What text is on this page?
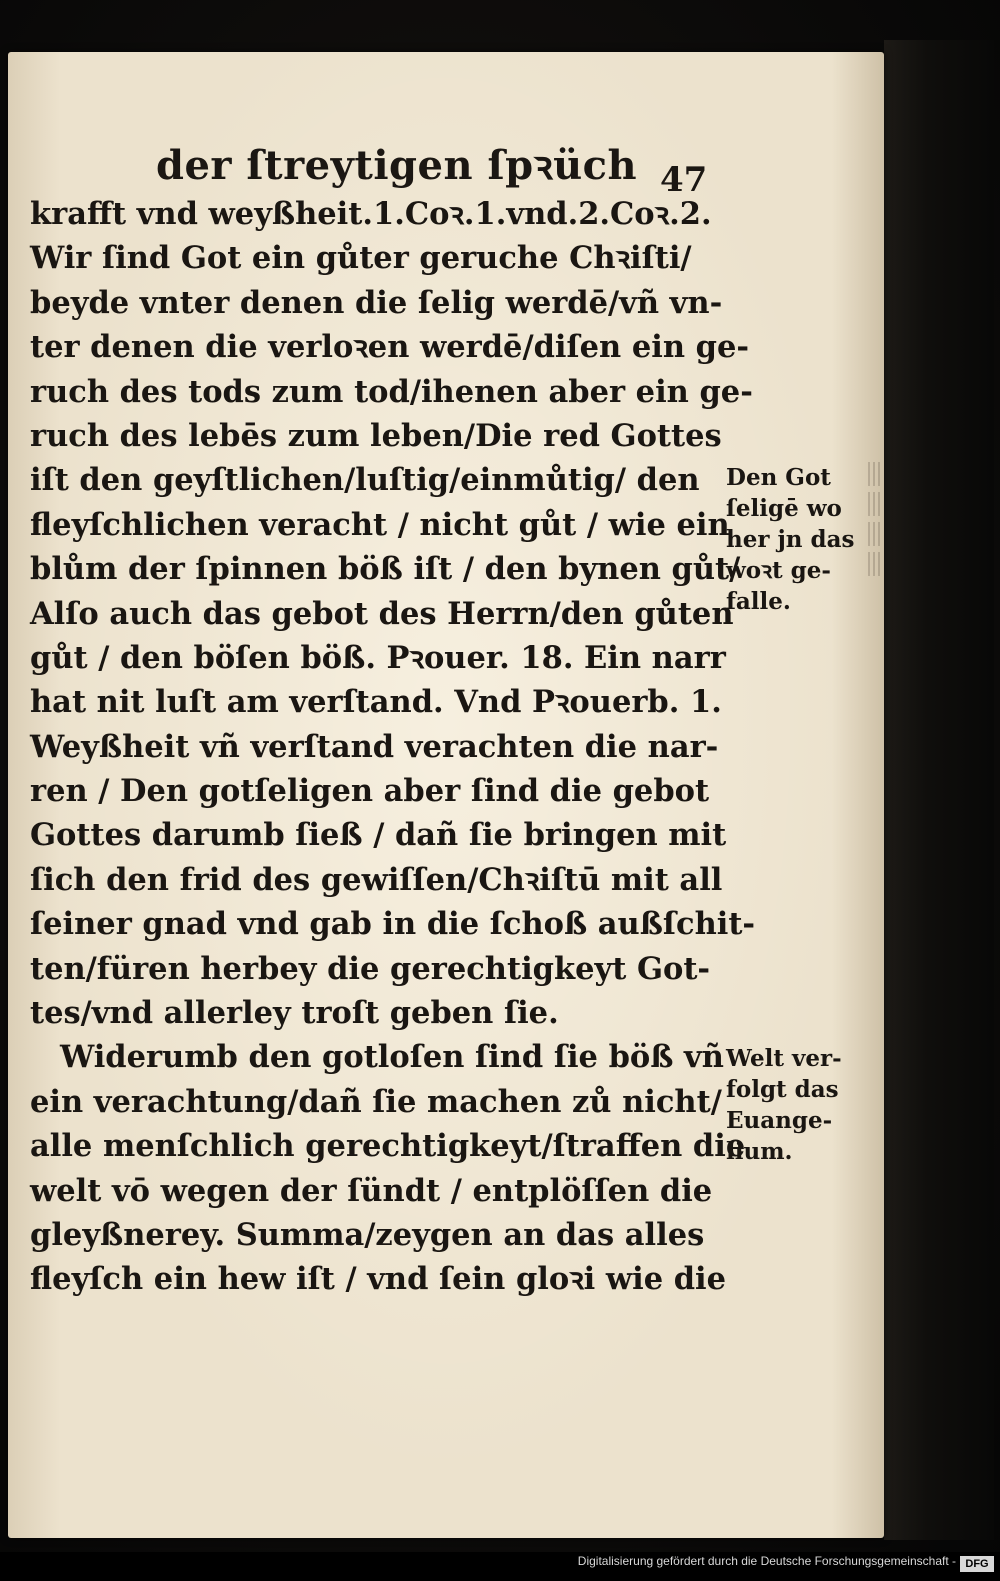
der ſtreytigen ſpꝛüch 47
krafft vnd weyßheit.1.Coꝛ.1.vnd.2.Coꝛ.2.
Wir ſind Got ein gůter geruche Chꝛiſti/
beyde vnter denen die ſelig werdē/vñ vn-
ter denen die verloꝛen werdē/diſen ein ge-
ruch des tods zum tod/ihenen aber ein ge-
ruch des lebēs zum leben/Die red Gottes
iſt den geyſtlichen/luſtig/einmůtig/ den
fleyſchlichen veracht / nicht gůt / wie ein
blům der ſpinnen böß iſt / den bynen gůt/
Alſo auch das gebot des Herrn/den gůten
gůt / den böſen böß. Pꝛouer. 18. Ein narr
hat nit luſt am verſtand. Vnd Pꝛouerb. 1.
Weyßheit vñ verſtand verachten die nar-
ren / Den gotſeligen aber ſind die gebot
Gottes darumb ſieß / dañ ſie bringen mit
ſich den frid des gewiſſen/Chꝛiſtū mit all
ſeiner gnad vnd gab in die ſchoß außſchit-
ten/füren herbey die gerechtigkeyt Got-
tes/vnd allerley troſt geben ſie.
Widerumb den gotloſen ſind ſie böß vñ
ein verachtung/dañ ſie machen zů nicht/
alle menſchlich gerechtigkeyt/ſtraffen die
welt vō wegen der ſündt / entplöſſen die
gleyßnerey. Summa/zeygen an das alles
fleyſch ein hew iſt / vnd ſein gloꝛi wie die
Den Got
ſeligē wo
her jn das
woꝛt ge-
falle.
Welt ver-
folgt das
Euange-
lium.
Digitalisierung gefördert durch die Deutsche Forschungsgemeinschaft - DFG
